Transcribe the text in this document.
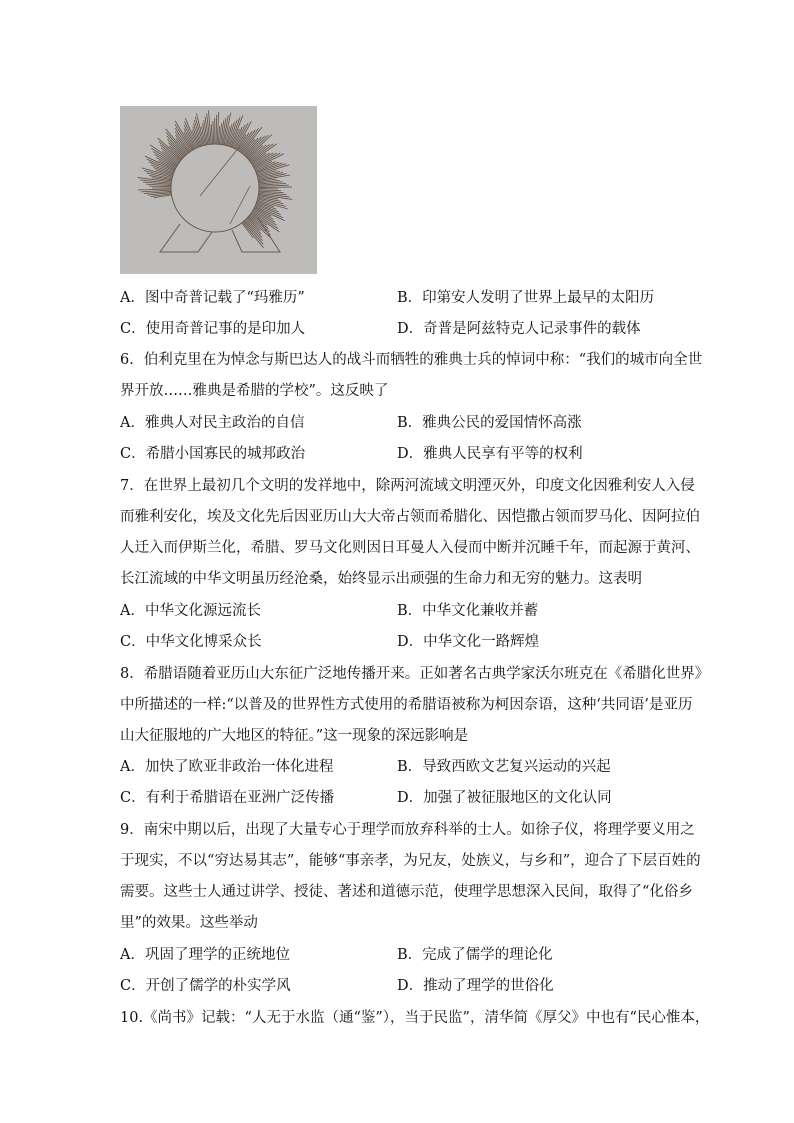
A．图中奇普记载了“玛雅历”	B．印第安人发明了世界上最早的太阳历
C．使用奇普记事的是印加人	D．奇普是阿兹特克人记录事件的载体
6．伯利克里在为悼念与斯巴达人的战斗而牺牲的雅典士兵的悼词中称：“我们的城市向全世
界开放……雅典是希腊的学校”。这反映了
A．雅典人对民主政治的自信	B．雅典公民的爱国情怀高涨
C．希腊小国寡民的城邦政治	D．雅典人民享有平等的权利
7．在世界上最初几个文明的发祥地中，除两河流域文明湮灭外，印度文化因雅利安人入侵
而雅利安化，埃及文化先后因亚历山大大帝占领而希腊化、因恺撒占领而罗马化、因阿拉伯
人迁入而伊斯兰化，希腊、罗马文化则因日耳曼人入侵而中断并沉睡千年，而起源于黄河、
长江流域的中华文明虽历经沧桑，始终显示出顽强的生命力和无穷的魅力。这表明
A．中华文化源远流长	B．中华文化兼收并蓄
C．中华文化博采众长	D．中华文化一路辉煌
8．希腊语随着亚历山大东征广泛地传播开来。正如著名古典学家沃尔班克在《希腊化世界》
中所描述的一样:“以普及的世界性方式使用的希腊语被称为柯因奈语，这种‘共同语’是亚历
山大征服地的广大地区的特征。”这一现象的深远影响是
A．加快了欧亚非政治一体化进程	B．导致西欧文艺复兴运动的兴起
C．有利于希腊语在亚洲广泛传播	D．加强了被征服地区的文化认同
9．南宋中期以后，出现了大量专心于理学而放弃科举的士人。如徐子仪，将理学要义用之
于现实，不以“穷达易其志”，能够“事亲孝，为兄友，处族义，与乡和”，迎合了下层百姓的
需要。这些士人通过讲学、授徒、著述和道德示范，使理学思想深入民间，取得了“化俗乡
里”的效果。这些举动
A．巩固了理学的正统地位	B．完成了儒学的理论化
C．开创了儒学的朴实学风	D．推动了理学的世俗化
10.《尚书》记载：“人无于水监（通“鉴”），当于民监”，清华简《厚父》中也有“民心惟本，
